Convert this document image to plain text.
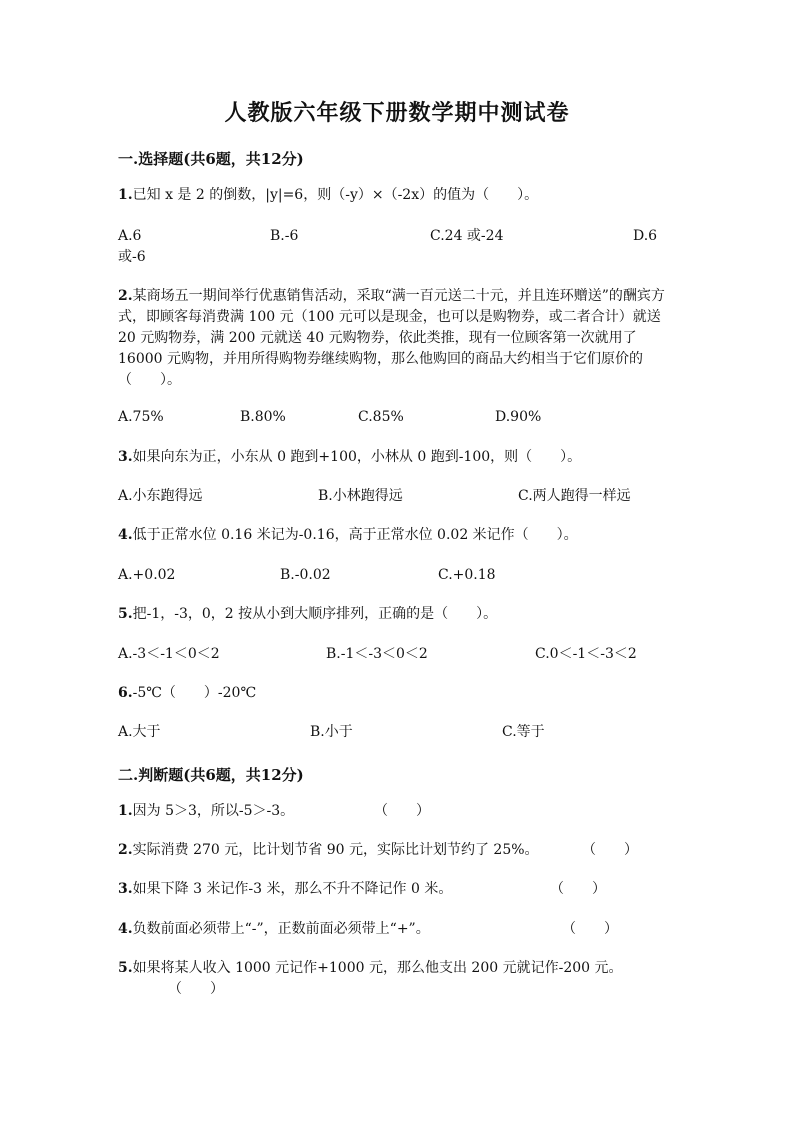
人教版六年级下册数学期中测试卷
一.选择题(共6题，共12分)
1.已知 x 是 2 的倒数，|y|=6，则（-y）×（-2x）的值为（　　）。
A.6	B.-6	C.24 或-24	D.6
或-6
2.某商场五一期间举行优惠销售活动，采取“满一百元送二十元，并且连环赠送”的酬宾方式，即顾客每消费满 100 元（100 元可以是现金，也可以是购物券，或二者合计）就送 20 元购物券，满 200 元就送 40 元购物券，依此类推，现有一位顾客第一次就用了 16000 元购物，并用所得购物券继续购物，那么他购回的商品大约相当于它们原价的（　　）。
A.75%	B.80%	C.85%	D.90%
3.如果向东为正，小东从 0 跑到+100，小林从 0 跑到-100，则（　　）。
A.小东跑得远	B.小林跑得远	C.两人跑得一样远
4.低于正常水位 0.16 米记为-0.16，高于正常水位 0.02 米记作（　　）。
A.+0.02	B.-0.02	C.+0.18
5.把-1，-3，0，2 按从小到大顺序排列，正确的是（　　）。
A.-3＜-1＜0＜2	B.-1＜-3＜0＜2	C.0＜-1＜-3＜2
6.-5℃（　　）-20℃
A.大于	B.小于	C.等于
二.判断题(共6题，共12分)
1.因为 5＞3，所以-5＞-3。	（　　）
2.实际消费 270 元，比计划节省 90 元，实际比计划节约了 25%。	（　　）
3.如果下降 3 米记作-3 米，那么不升不降记作 0 米。	（　　）
4.负数前面必须带上“-”，正数前面必须带上“+”。	（　　）
5.如果将某人收入 1000 元记作+1000 元，那么他支出 200 元就记作-200 元。
（　　）
